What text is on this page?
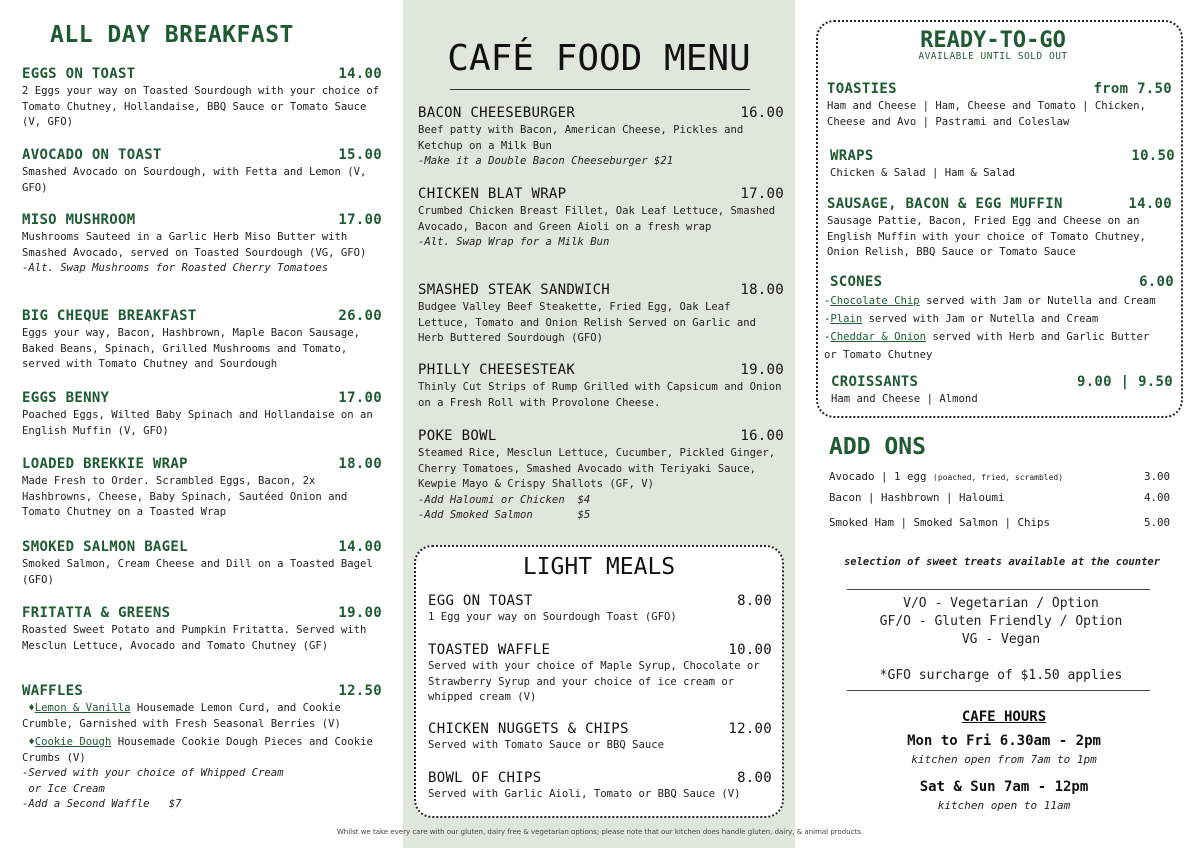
ALL DAY BREAKFAST
EGGS ON TOAST	14.00
2 Eggs your way on Toasted Sourdough with your choice of Tomato Chutney, Hollandaise, BBQ Sauce or Tomato Sauce (V, GFO)
AVOCADO ON TOAST	15.00
Smashed Avocado on Sourdough, with Fetta and Lemon (V, GFO)
MISO MUSHROOM	17.00
Mushrooms Sauteed in a Garlic Herb Miso Butter with Smashed Avocado, served on Toasted Sourdough (VG, GFO)
-Alt. Swap Mushrooms for Roasted Cherry Tomatoes
BIG CHEQUE BREAKFAST	26.00
Eggs your way, Bacon, Hashbrown, Maple Bacon Sausage, Baked Beans, Spinach, Grilled Mushrooms and Tomato, served with Tomato Chutney and Sourdough
EGGS BENNY	17.00
Poached Eggs, Wilted Baby Spinach and Hollandaise on an English Muffin (V, GFO)
LOADED BREKKIE WRAP	18.00
Made Fresh to Order. Scrambled Eggs, Bacon, 2x Hashbrowns, Cheese, Baby Spinach, Sautéed Onion and Tomato Chutney on a Toasted Wrap
SMOKED SALMON BAGEL	14.00
Smoked Salmon, Cream Cheese and Dill on a Toasted Bagel (GFO)
FRITATTA & GREENS	19.00
Roasted Sweet Potato and Pumpkin Fritatta. Served with Mesclun Lettuce, Avocado and Tomato Chutney (GF)
WAFFLES	12.50
♦Lemon & Vanilla Housemade Lemon Curd, and Cookie Crumble, Garnished with Fresh Seasonal Berries (V)
♦Cookie Dough Housemade Cookie Dough Pieces and Cookie Crumbs (V)
-Served with your choice of Whipped Cream
or Ice Cream
-Add a Second Waffle   $7
CAFÉ FOOD MENU
BACON CHEESEBURGER	16.00
Beef patty with Bacon, American Cheese, Pickles and Ketchup on a Milk Bun
-Make it a Double Bacon Cheeseburger $21
CHICKEN BLAT WRAP	17.00
Crumbed Chicken Breast Fillet, Oak Leaf Lettuce, Smashed Avocado, Bacon and Green Aioli on a fresh wrap
-Alt. Swap Wrap for a Milk Bun
SMASHED STEAK SANDWICH	18.00
Budgee Valley Beef Steakette, Fried Egg, Oak Leaf Lettuce, Tomato and Onion Relish Served on Garlic and Herb Buttered Sourdough (GFO)
PHILLY CHEESESTEAK	19.00
Thinly Cut Strips of Rump Grilled with Capsicum and Onion on a Fresh Roll with Provolone Cheese.
POKE BOWL	16.00
Steamed Rice, Mesclun Lettuce, Cucumber, Pickled Ginger, Cherry Tomatoes, Smashed Avocado with Teriyaki Sauce, Kewpie Mayo & Crispy Shallots (GF, V)
-Add Haloumi or Chicken  $4
-Add Smoked Salmon       $5
LIGHT MEALS
EGG ON TOAST	8.00
1 Egg your way on Sourdough Toast (GFO)
TOASTED WAFFLE	10.00
Served with your choice of Maple Syrup, Chocolate or Strawberry Syrup and your choice of ice cream or whipped cream (V)
CHICKEN NUGGETS & CHIPS	12.00
Served with Tomato Sauce or BBQ Sauce
BOWL OF CHIPS	8.00
Served with Garlic Aioli, Tomato or BBQ Sauce (V)
READY-TO-GO
AVAILABLE UNTIL SOLD OUT
TOASTIES	from 7.50
Ham and Cheese | Ham, Cheese and Tomato | Chicken, Cheese and Avo | Pastrami and Coleslaw
WRAPS	10.50
Chicken & Salad | Ham & Salad
SAUSAGE, BACON & EGG MUFFIN	14.00
Sausage Pattie, Bacon, Fried Egg and Cheese on an English Muffin with your choice of Tomato Chutney, Onion Relish, BBQ Sauce or Tomato Sauce
SCONES	6.00
-Chocolate Chip served with Jam or Nutella and Cream
-Plain served with Jam or Nutella and Cream
-Cheddar & Onion served with Herb and Garlic Butter
or Tomato Chutney
CROISSANTS	9.00 | 9.50
Ham and Cheese | Almond
ADD ONS
Avocado | 1 egg (poached, fried, scrambled)	3.00
Bacon | Hashbrown | Haloumi	4.00
Smoked Ham | Smoked Salmon | Chips	5.00
selection of sweet treats available at the counter
V/O - Vegetarian / Option
GF/O - Gluten Friendly / Option
VG - Vegan
*GFO surcharge of $1.50 applies
CAFE HOURS
Mon to Fri 6.30am - 2pm
kitchen open from 7am to 1pm
Sat & Sun 7am - 12pm
kitchen open to 11am
Whilst we take every care with our gluten, dairy free & vegetarian options; please note that our kitchen does handle gluten, dairy, & animal products.
